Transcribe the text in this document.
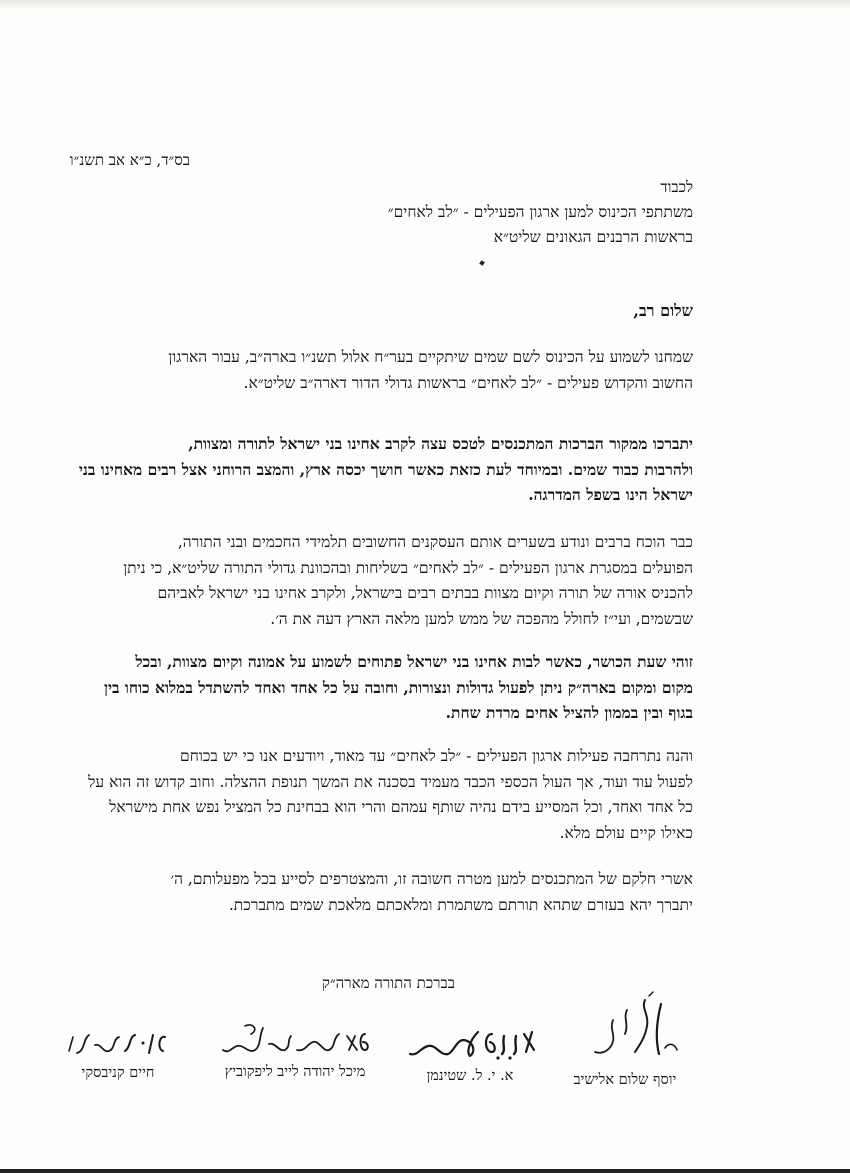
בס״ד, כ״א אב תשנ״ו
לכבוד
משתתפי הכינוס למען ארגון הפעילים - ״לב לאחים״
בראשות הרבנים הגאונים שליט״א
שלום רב,

שמחנו לשמוע על הכינוס לשם שמים שיתקיים בער״ח אלול תשנ״ו בארה״ב, עבור הארגון
החשוב והקדוש פעילים - ״לב לאחים״ בראשות גדולי הדור דארה״ב שליט״א.

יתברכו ממקור הברכות המתכנסים לטכס עצה לקרב אחינו בני ישראל לתורה ומצוות,
ולהרבות כבוד שמים. ובמיוחד לעת כזאת כאשר חושך יכסה ארץ, והמצב הרוחני אצל רבים מאחינו בני
ישראל הינו בשפל המדרגה.

כבר הוכח ברבים ונודע בשערים אותם העסקנים החשובים תלמידי החכמים ובני התורה,
הפועלים במסגרת ארגון הפעילים - ״לב לאחים״ בשליחות ובהכוונת גדולי התורה שליט״א, כי ניתן
להכניס אורה של תורה וקיום מצוות בבתים רבים בישראל, ולקרב אחינו בני ישראל לאביהם
שבשמים, ועי״ז לחולל מהפכה של ממש למען מלאה הארץ דעה את ה׳.

זוהי שעת הכושר, כאשר לבות אחינו בני ישראל פתוחים לשמוע על אמונה וקיום מצוות, ובכל
מקום ומקום בארה״ק ניתן לפעול גדולות ונצורות, וחובה על כל אחד ואחד להשתדל במלוא כוחו בין
בגוף ובין בממון להציל אחים מרדת שחת.

והנה נתרחבה פעילות ארגון הפעילים - ״לב לאחים״ עד מאוד, ויודעים אנו כי יש בכוחם
לפעול עוד ועוד, אך העול הכספי הכבד מעמיד בסכנה את המשך תנופת ההצלה. וחוב קדוש זה הוא על
כל אחד ואחד, וכל המסייע בידם נהיה שותף עמהם והרי הוא בבחינת כל המציל נפש אחת מישראל
כאילו קיים עולם מלא.

אשרי חלקם של המתכנסים למען מטרה חשובה זו, והמצטרפים לסייע בכל מפעלותם, ה׳
יתברך יהא בעזרם שתהא תורתם משתמרת ומלאכתם מלאכת שמים מתברכת.

בברכת התורה מארה״ק
יוסף שלום אלישיב
א. י. ל. שטינמן
מיכל יהודה לייב ליפקוביץ
חיים קניבסקי
